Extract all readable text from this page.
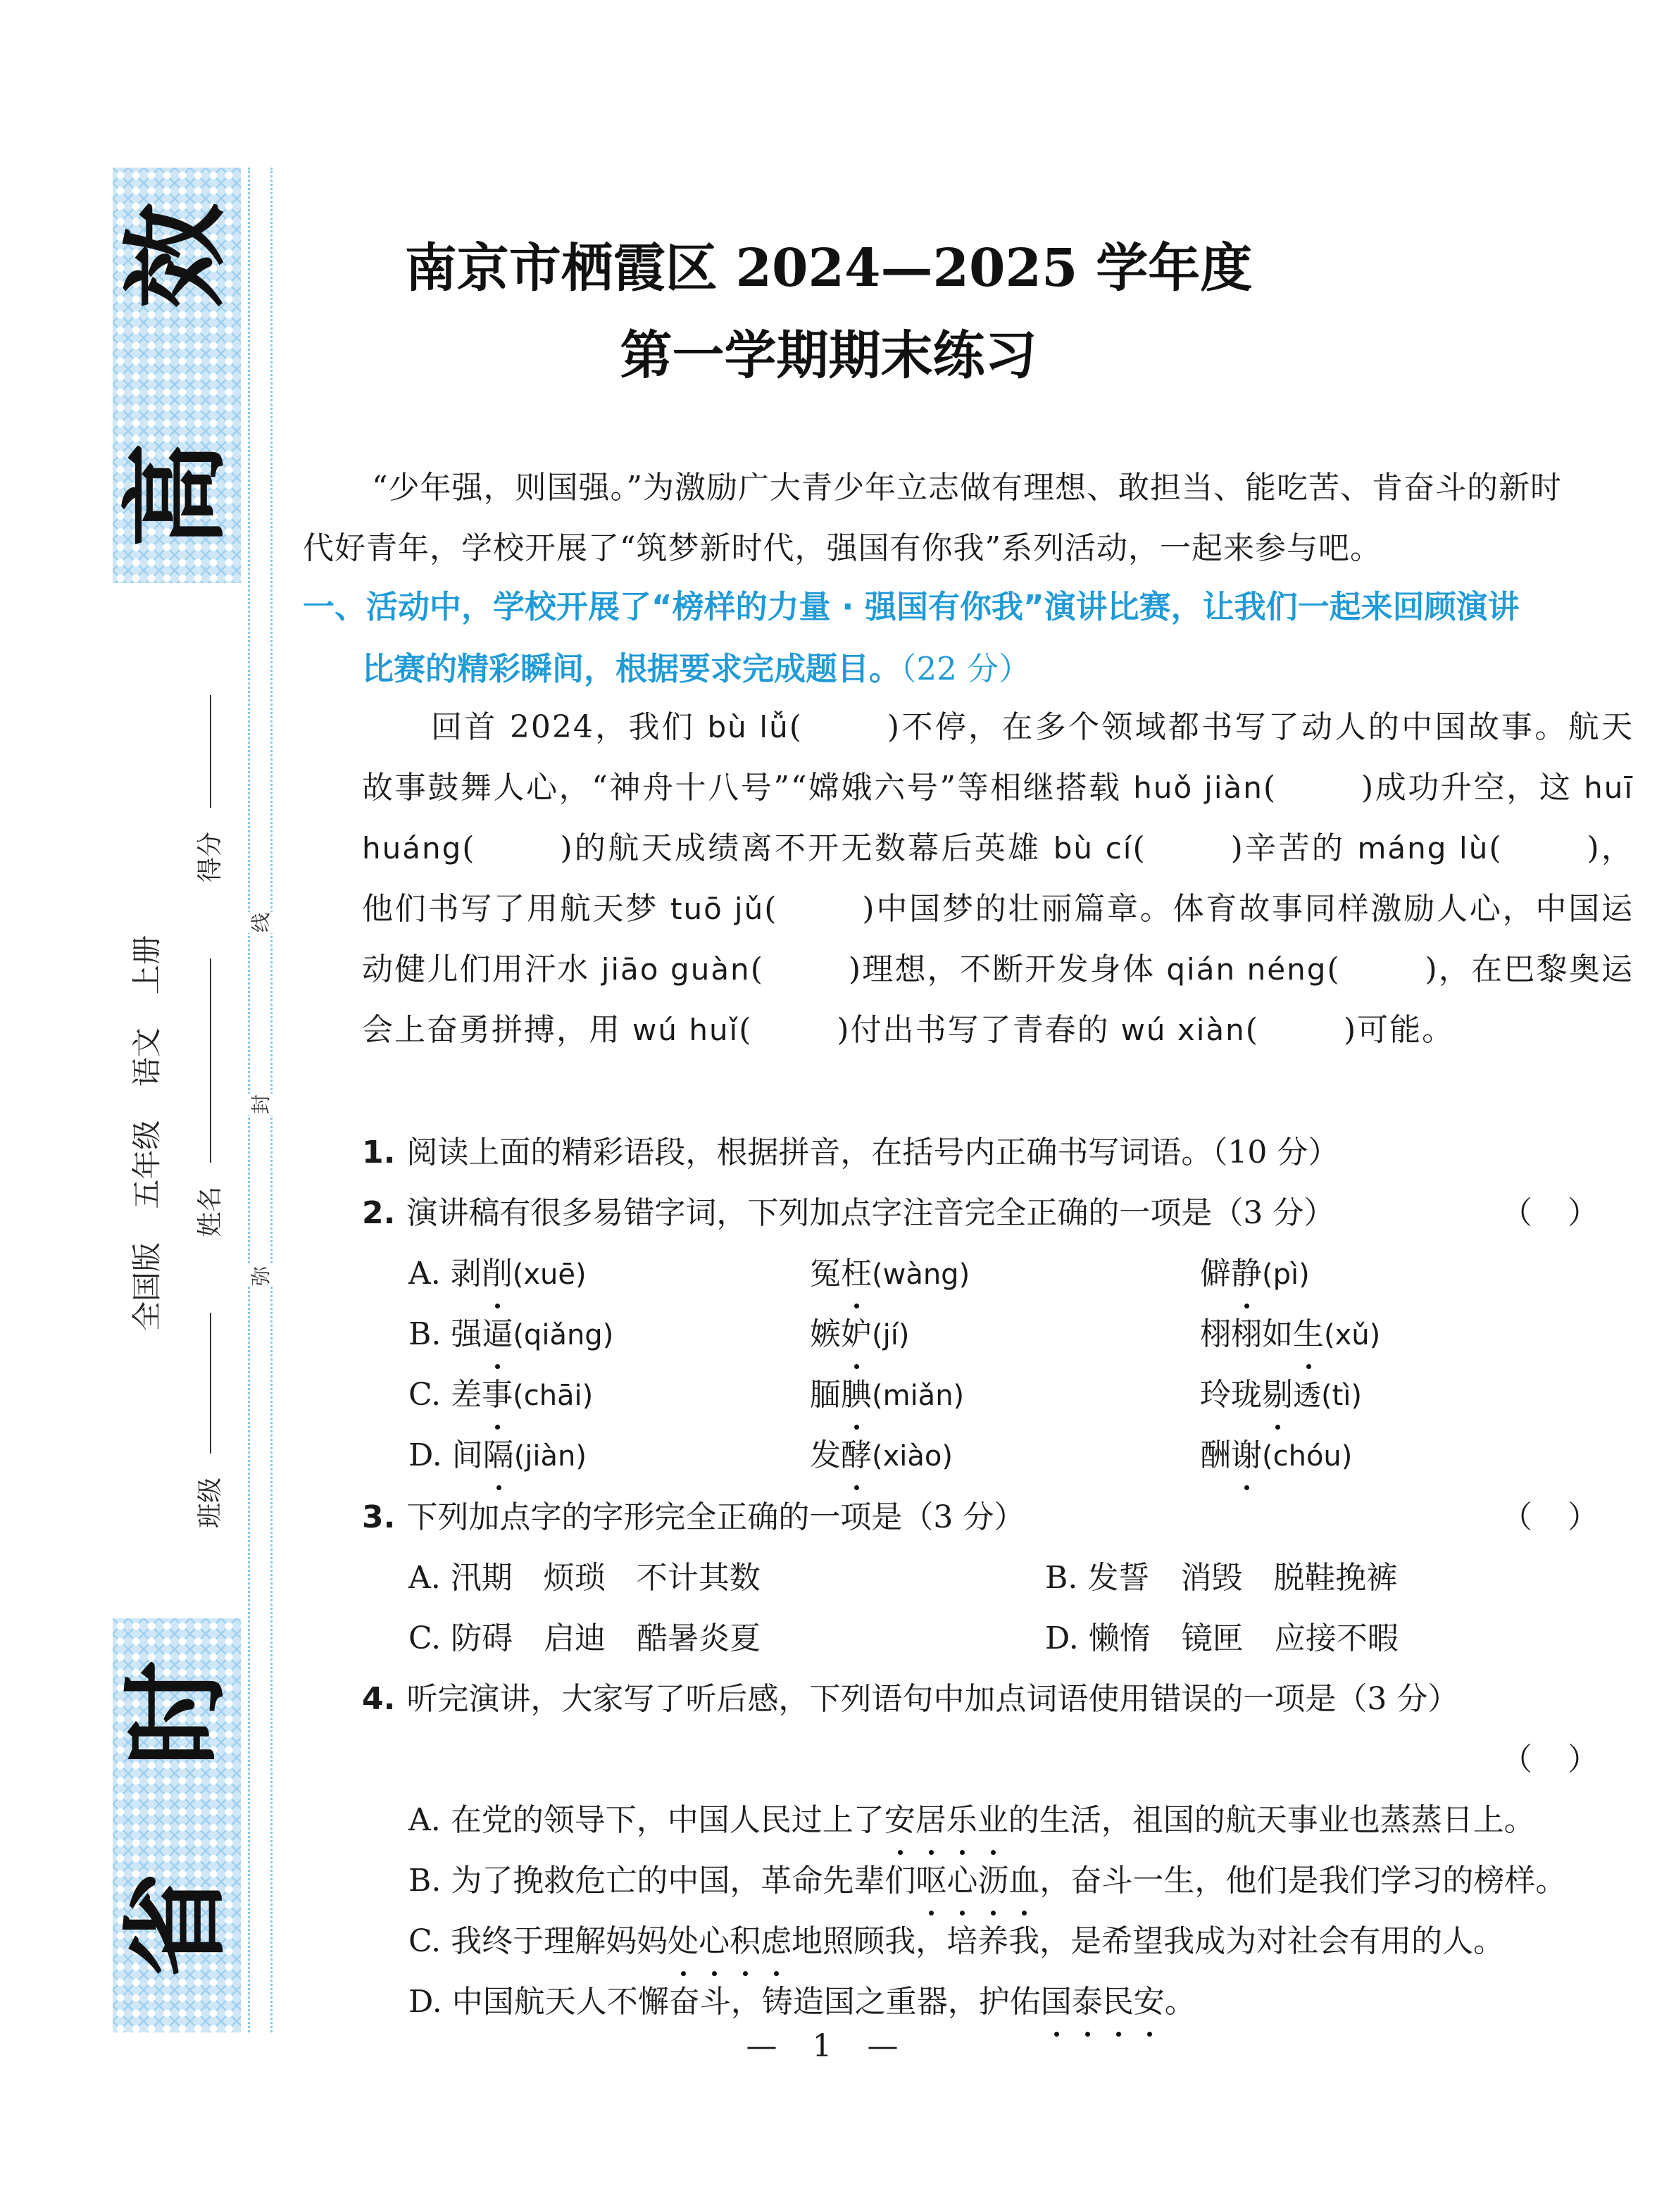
高
效
省
时
线
封
弥
全国版 五年级 语文 上册
班级 姓名 得分
南京市栖霞区 2024—2025 学年度
第一学期期末练习
“少年强，则国强。”为激励广大青少年立志做有理想、敢担当、能吃苦、肯奋斗的新时
代好青年，学校开展了“筑梦新时代，强国有你我”系列活动，一起来参与吧。
一、活动中，学校开展了“榜样的力量 · 强国有你我”演讲比赛，让我们一起来回顾演讲
比赛的精彩瞬间，根据要求完成题目。（22 分）
回首 2024，我们 bù lǚ(	)不停，在多个领域都书写了动人的中国故事。航天故事鼓舞人心，“神舟十八号”“嫦娥六号”等相继搭载 huǒ jiàn(	)成功升空，这 huī huáng(	)的航天成绩离不开无数幕后英雄 bù cí(	)辛苦的 máng lù(	)，他们书写了用航天梦 tuō jǔ(	)中国梦的壮丽篇章。体育故事同样激励人心，中国运动健儿们用汗水 jiāo guàn(	)理想，不断开发身体 qián néng(	)，在巴黎奥运会上奋勇拼搏，用 wú huǐ(	)付出书写了青春的 wú xiàn(	)可能。
1. 阅读上面的精彩语段，根据拼音，在括号内正确书写词语。（10 分）
2. 演讲稿有很多易错字词，下列加点字注音完全正确的一项是（3 分）	（）
A. 剥削(xuē)	冤枉(wàng)	僻静(pì)
B. 强逼(qiǎng)	嫉妒(jí)	栩栩如生(xǔ)
C. 差事(chāi)	腼腆(miǎn)	玲珑剔透(tì)
D. 间隔(jiàn)	发酵(xiào)	酬谢(chóu)
3. 下列加点字的字形完全正确的一项是（3 分）	（）
A. 汛期　烦琐　不计其数	B. 发誓　消毁　脱鞋挽裤
C. 防碍　启迪　酷暑炎夏	D. 懒惰　镜匣　应接不暇
4. 听完演讲，大家写了听后感，下列语句中加点词语使用错误的一项是（3 分）
（）
A. 在党的领导下，中国人民过上了安居乐业的生活，祖国的航天事业也蒸蒸日上。
B. 为了挽救危亡的中国，革命先辈们呕心沥血，奋斗一生，他们是我们学习的榜样。
C. 我终于理解妈妈处心积虑地照顾我，培养我，是希望我成为对社会有用的人。
D. 中国航天人不懈奋斗，铸造国之重器，护佑国泰民安。
— 1 —
